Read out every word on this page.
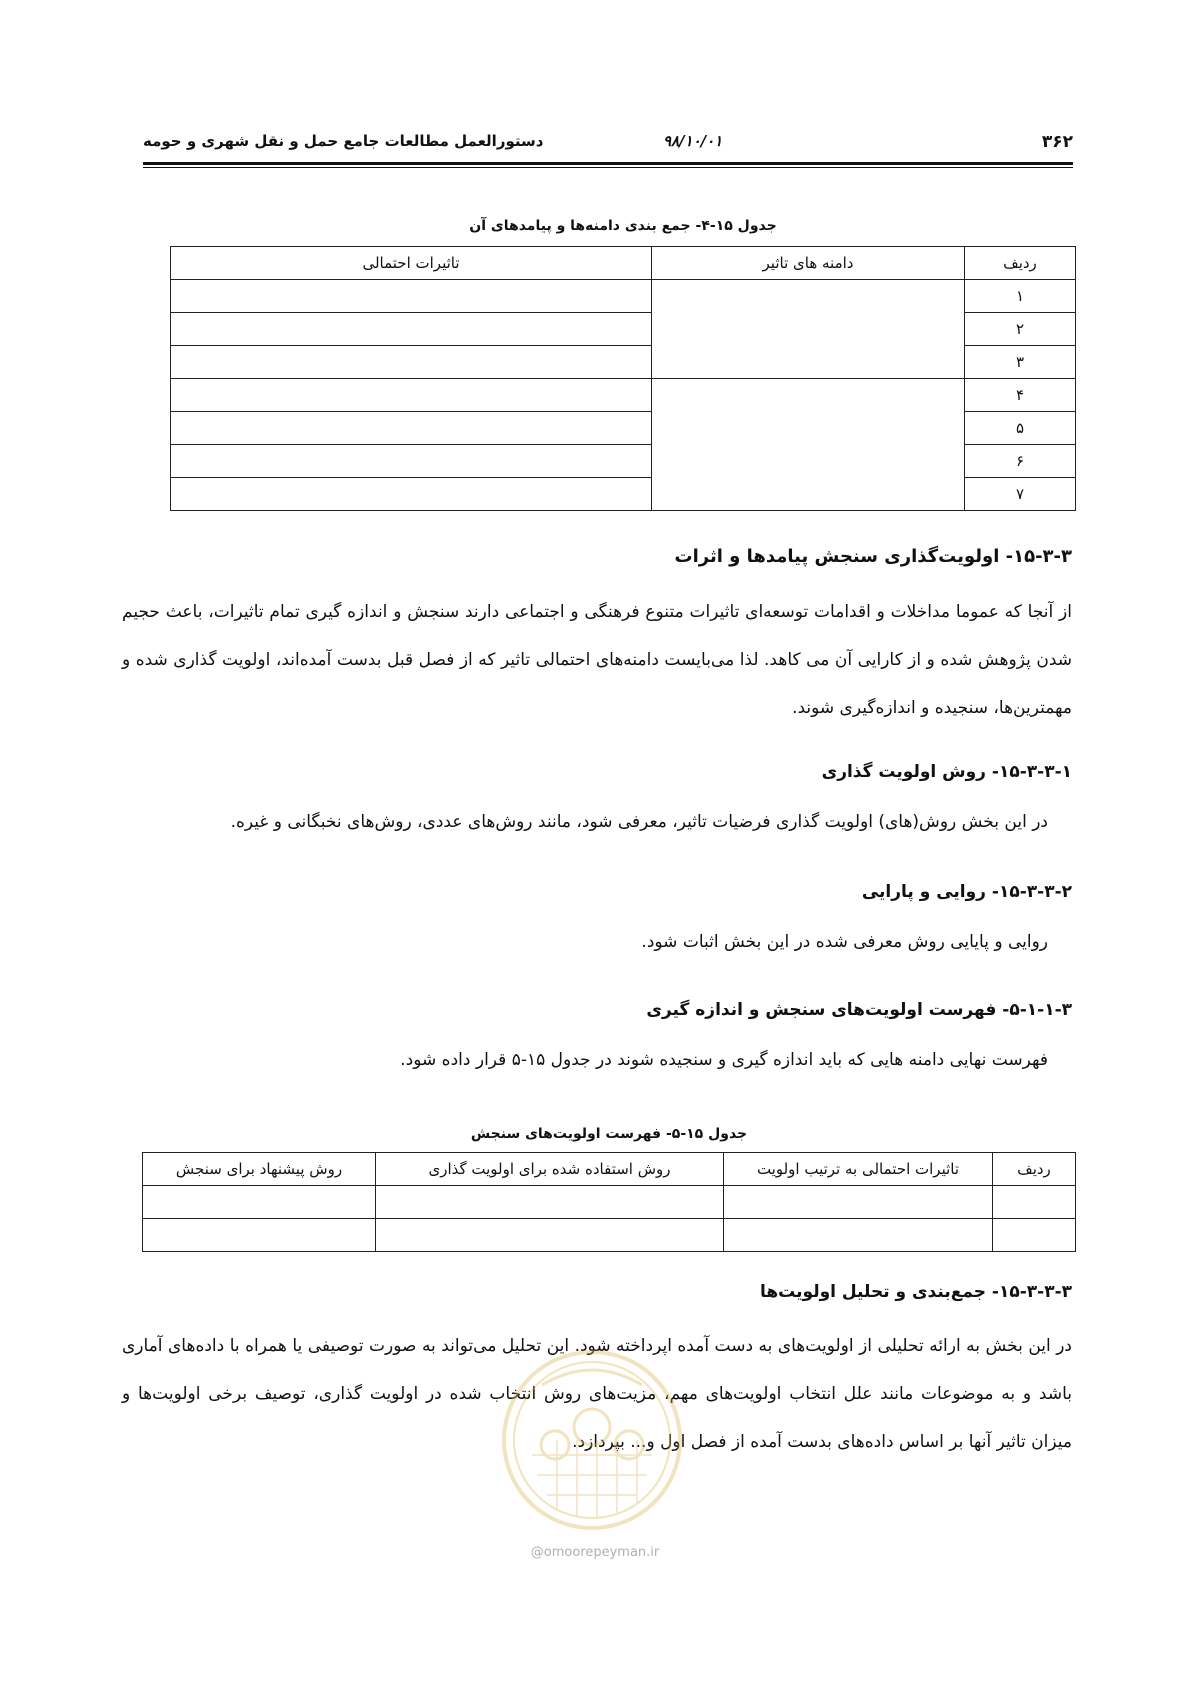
۳۶۲
۹۸/۱۰/۰۱
دستورالعمل مطالعات جامع حمل و نقل شهری و حومه
جدول ۱۵-۴- جمع بندی دامنه‌ها و پیامدهای آن
ردیف	دامنه های تاثیر	تاثیرات احتمالی
۱		
۲		
۳		
۴		
۵		
۶		
۷		
۱۵-۳-۳- اولویت‌گذاری سنجش پیامدها و اثرات
از آنجا که عموما مداخلات و اقدامات توسعه‌ای تاثیرات متنوع فرهنگی و اجتماعی دارند سنجش و اندازه گیری تمام تاثیرات، باعث حجیم شدن پژوهش شده و از کارایی آن می کاهد. لذا می‌بایست دامنه‌های احتمالی تاثیر که از فصل قبل بدست آمده‌اند، اولویت گذاری شده و مهمترین‌ها، سنجیده و اندازه‌گیری شوند.
۱۵-۳-۳-۱- روش اولویت گذاری
در این بخش روش(های) اولویت گذاری فرضیات تاثیر، معرفی شود، مانند روش‌های عددی، روش‌های نخبگانی و غیره.
۱۵-۳-۳-۲- روایی و پارایی
روایی و پایایی روش معرفی شده در این بخش اثبات شود.
۵-۱-۱-۳- فهرست اولویت‌های سنجش و اندازه گیری
فهرست نهایی دامنه هایی که باید اندازه گیری و سنجیده شوند در جدول ۱۵-۵ قرار داده شود.
جدول ۱۵-۵- فهرست اولویت‌های سنجش
ردیف	تاثیرات احتمالی به ترتیب اولویت	روش استفاده شده برای اولویت گذاری	روش پیشنهاد برای سنجش

۱۵-۳-۳-۳- جمع‌بندی و تحلیل اولویت‌ها
در این بخش به ارائه تحلیلی از اولویت‌های به دست آمده اپرداخته شود. این تحلیل می‌تواند به صورت توصیفی یا همراه با داده‌های آماری باشد و به موضوعات مانند علل انتخاب اولویت‌های مهم، مزیت‌های روش انتخاب شده در اولویت گذاری، توصیف برخی اولویت‌ها و میزان تاثیر آنها بر اساس داده‌های بدست آمده از فصل اول و... بپردازد.
@omoorepeyman.ir
